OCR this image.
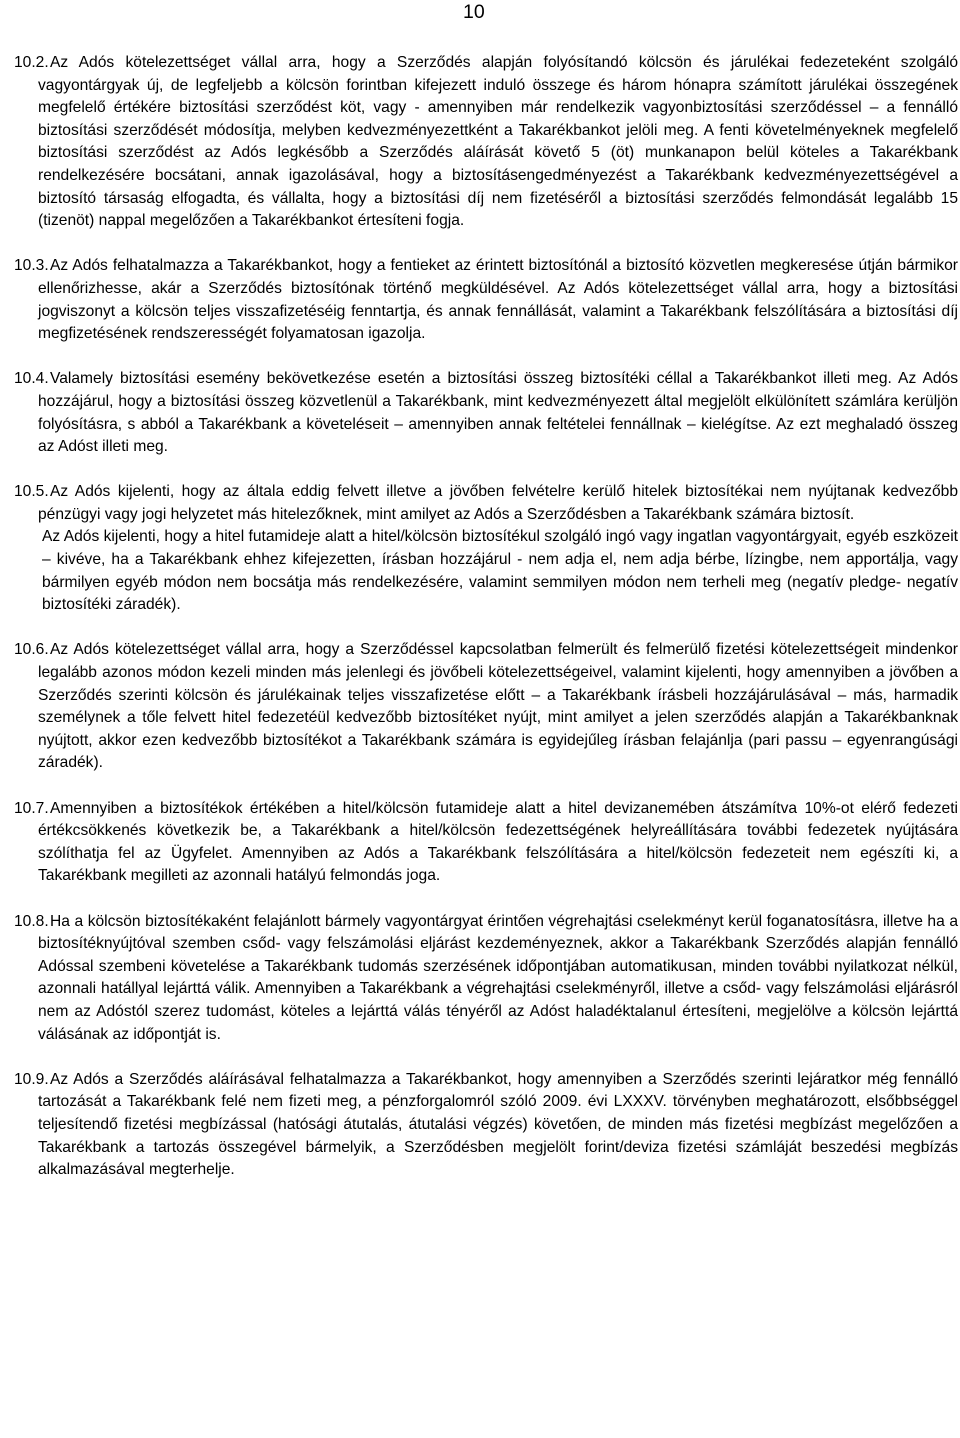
10

10.2.Az Adós kötelezettséget vállal arra, hogy a Szerződés alapján folyósítandó kölcsön és járulékai fedezeteként szolgáló vagyontárgyak új, de legfeljebb a kölcsön forintban kifejezett induló összege és három hónapra számított járulékai összegének megfelelő értékére biztosítási szerződést köt, vagy - amennyiben már rendelkezik vagyonbiztosítási szerződéssel – a fennálló biztosítási szerződését módosítja, melyben kedvezményezettként a Takarékbankot jelöli meg. A fenti követelményeknek megfelelő biztosítási szerződést az Adós legkésőbb a Szerződés aláírását követő 5 (öt) munkanapon belül köteles a Takarékbank rendelkezésére bocsátani, annak igazolásával, hogy a biztosításengedményezést a Takarékbank kedvezményezettségével a biztosító társaság elfogadta, és vállalta, hogy a biztosítási díj nem fizetéséről a biztosítási szerződés felmondását legalább 15 (tizenöt) nappal megelőzően a Takarékbankot értesíteni fogja.

10.3.Az Adós felhatalmazza a Takarékbankot, hogy a fentieket az érintett biztosítónál a biztosító közvetlen megkeresése útján bármikor ellenőrizhesse, akár a Szerződés biztosítónak történő megküldésével. Az Adós kötelezettséget vállal arra, hogy a biztosítási jogviszonyt a kölcsön teljes visszafizetéséig fenntartja, és annak fennállását, valamint a Takarékbank felszólítására a biztosítási díj megfizetésének rendszerességét folyamatosan igazolja.

10.4.Valamely biztosítási esemény bekövetkezése esetén a biztosítási összeg biztosítéki céllal a Takarékbankot illeti meg. Az Adós hozzájárul, hogy a biztosítási összeg közvetlenül a Takarékbank, mint kedvezményezett által megjelölt elkülönített számlára kerüljön folyósításra, s abból a Takarékbank a követeléseit – amennyiben annak feltételei fennállnak – kielégítse. Az ezt meghaladó összeg az Adóst illeti meg.

10.5.Az Adós kijelenti, hogy az általa eddig felvett illetve a jövőben felvételre kerülő hitelek biztosítékai nem nyújtanak kedvezőbb pénzügyi vagy jogi helyzetet más hitelezőknek, mint amilyet az Adós a Szerződésben a Takarékbank számára biztosít.

Az Adós kijelenti, hogy a hitel futamideje alatt a hitel/kölcsön biztosítékul szolgáló ingó vagy ingatlan vagyontárgyait, egyéb eszközeit – kivéve, ha a Takarékbank ehhez kifejezetten, írásban hozzájárul - nem adja el, nem adja bérbe, lízingbe, nem apportálja, vagy bármilyen egyéb módon nem bocsátja más rendelkezésére, valamint semmilyen módon nem terheli meg (negatív pledge- negatív biztosítéki záradék).

10.6.Az Adós kötelezettséget vállal arra, hogy a Szerződéssel kapcsolatban felmerült és felmerülő fizetési kötelezettségeit mindenkor legalább azonos módon kezeli minden más jelenlegi és jövőbeli kötelezettségeivel, valamint kijelenti, hogy amennyiben a jövőben a Szerződés szerinti kölcsön és járulékainak teljes visszafizetése előtt – a Takarékbank írásbeli hozzájárulásával – más, harmadik személynek a tőle felvett hitel fedezetéül kedvezőbb biztosítéket nyújt, mint amilyet a jelen szerződés alapján a Takarékbanknak nyújtott, akkor ezen kedvezőbb biztosítékot a Takarékbank számára is egyidejűleg írásban felajánlja (pari passu – egyenrangúsági záradék).

10.7.Amennyiben a biztosítékok értékében a hitel/kölcsön futamideje alatt a hitel devizanemében átszámítva 10%-ot elérő fedezeti értékcsökkenés következik be, a Takarékbank a hitel/kölcsön fedezettségének helyreállítására további fedezetek nyújtására szólíthatja fel az Ügyfelet. Amennyiben az Adós a Takarékbank felszólítására a hitel/kölcsön fedezeteit nem egészíti ki, a Takarékbank megilleti az azonnali hatályú felmondás joga.

10.8.Ha a kölcsön biztosítékaként felajánlott bármely vagyontárgyat érintően végrehajtási cselekményt kerül foganatosításra, illetve ha a biztosítéknyújtóval szemben csőd- vagy felszámolási eljárást kezdeményeznek, akkor a Takarékbank Szerződés alapján fennálló Adóssal szembeni követelése a Takarékbank tudomás szerzésének időpontjában automatikusan, minden további nyilatkozat nélkül, azonnali hatállyal lejárttá válik. Amennyiben a Takarékbank a végrehajtási cselekményről, illetve a csőd- vagy felszámolási eljárásról nem az Adóstól szerez tudomást, köteles a lejárttá válás tényéről az Adóst haladéktalanul értesíteni, megjelölve a kölcsön lejárttá válásának az időpontját is.

10.9.Az Adós a Szerződés aláírásával felhatalmazza a Takarékbankot, hogy amennyiben a Szerződés szerinti lejáratkor még fennálló tartozását a Takarékbank felé nem fizeti meg, a pénzforgalomról szóló 2009. évi LXXXV. törvényben meghatározott, elsőbbséggel teljesítendő fizetési megbízással (hatósági átutalás, átutalási végzés) követően, de minden más fizetési megbízást megelőzően a Takarékbank a tartozás összegével bármelyik, a Szerződésben megjelölt forint/deviza fizetési számláját beszedési megbízás alkalmazásával megterhelje.
